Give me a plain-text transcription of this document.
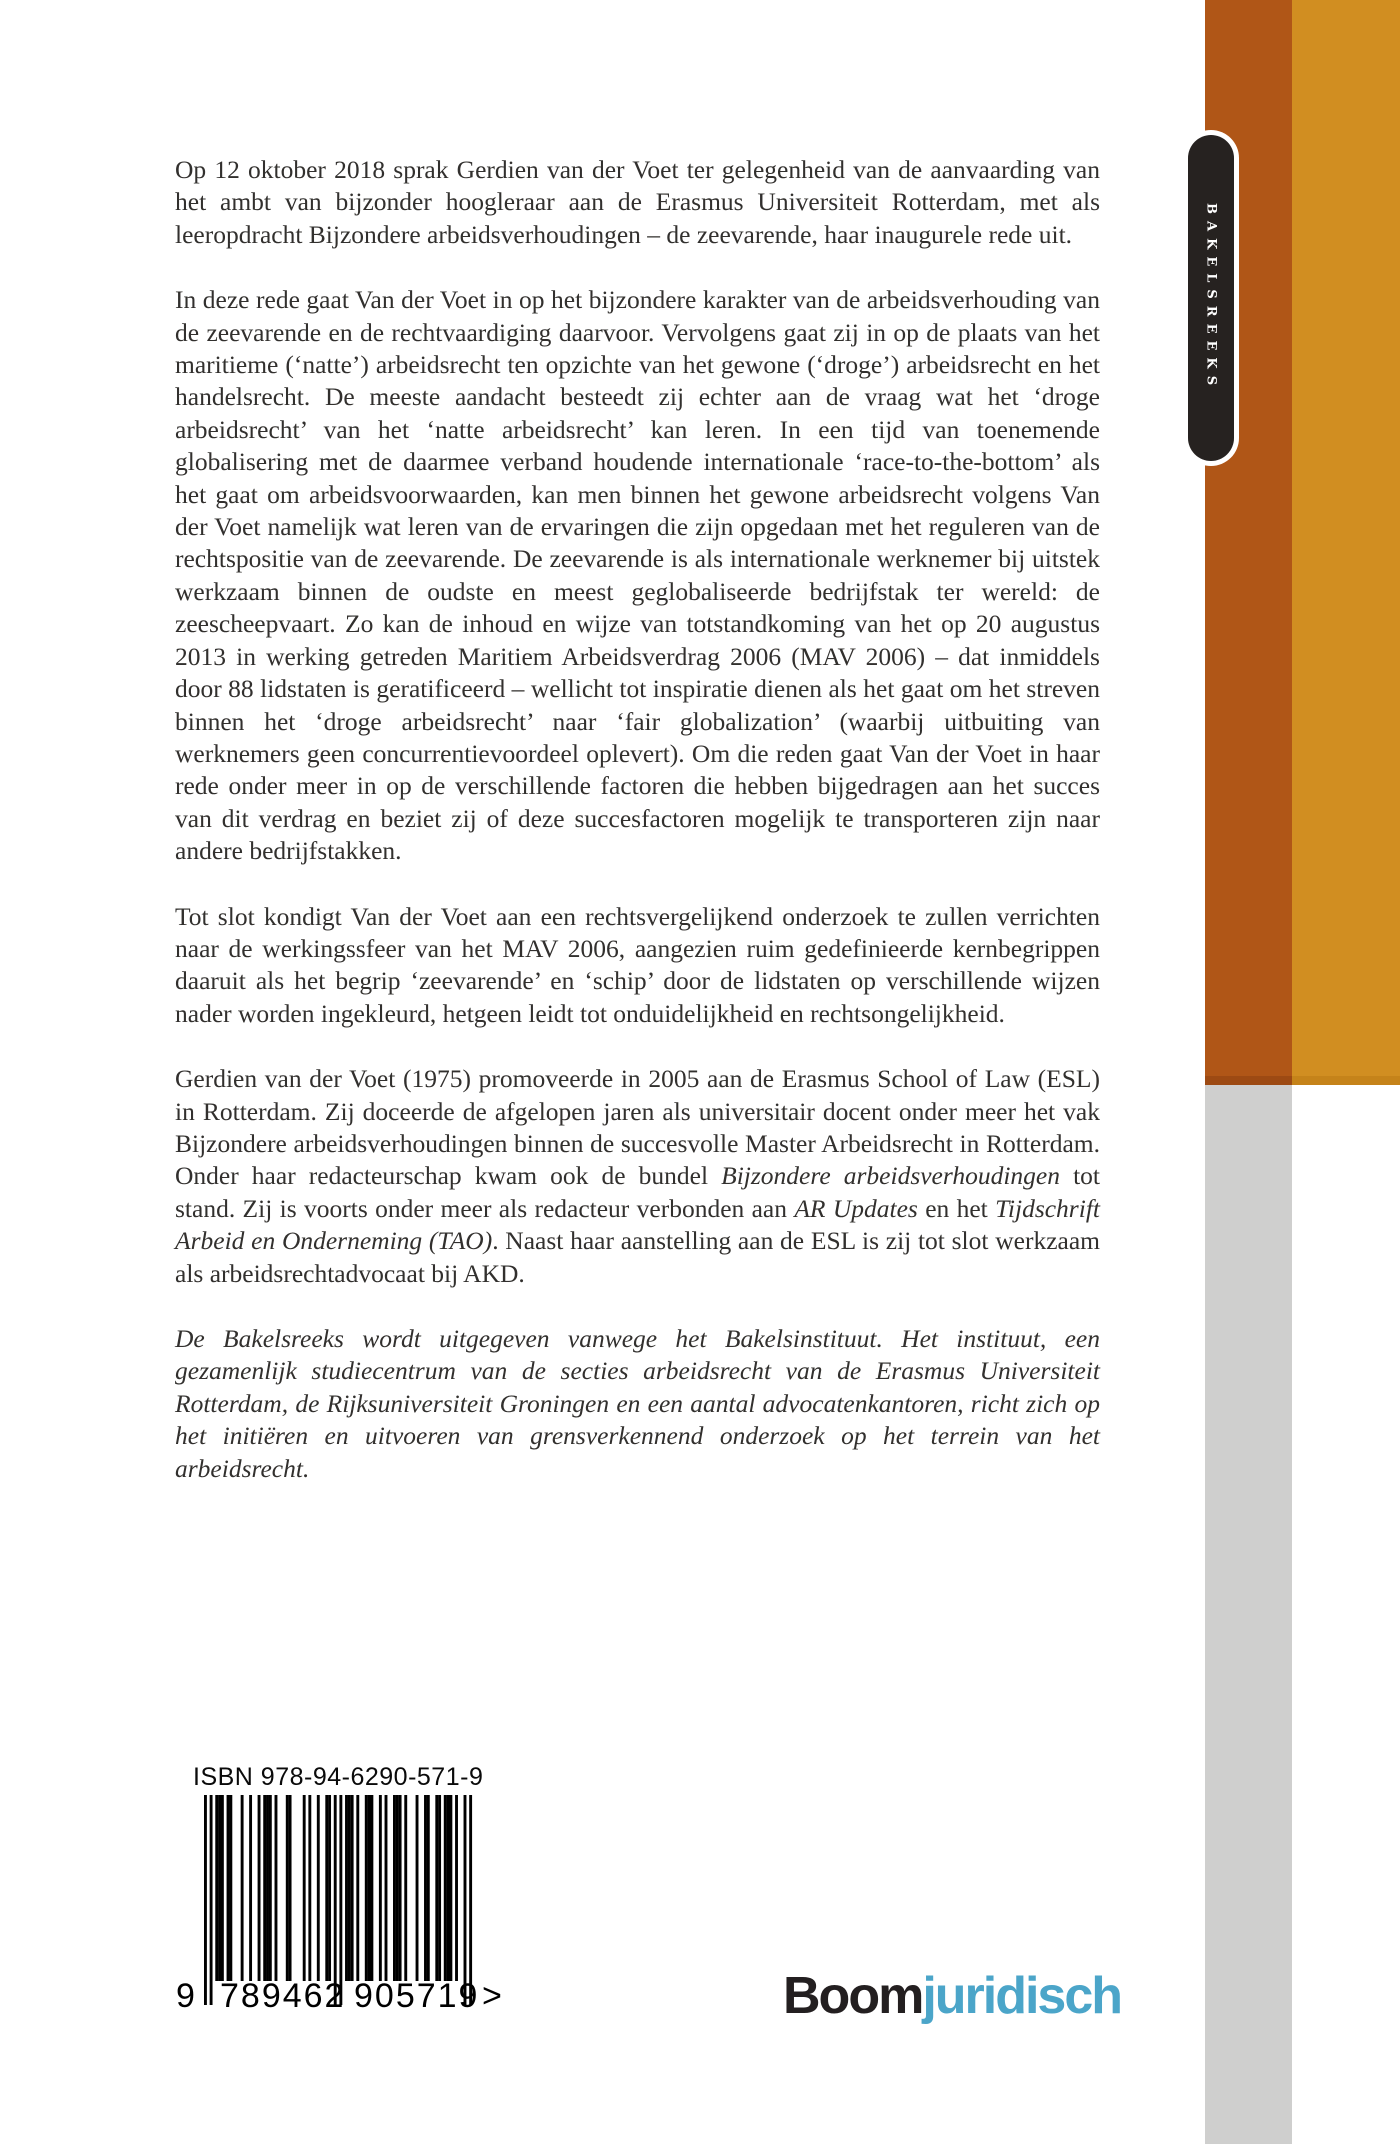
BAKELSREEKS

Op 12 oktober 2018 sprak Gerdien van der Voet ter gelegenheid van de aanvaarding van het ambt van bijzonder hoogleraar aan de Erasmus Universiteit Rotterdam, met als leeropdracht Bijzondere arbeidsverhoudingen – de zeevarende, haar inaugurele rede uit.

In deze rede gaat Van der Voet in op het bijzondere karakter van de arbeidsverhouding van de zeevarende en de rechtvaardiging daarvoor. Vervolgens gaat zij in op de plaats van het maritieme (‘natte’) arbeidsrecht ten opzichte van het gewone (‘droge’) arbeidsrecht en het handelsrecht. De meeste aandacht besteedt zij echter aan de vraag wat het ‘droge arbeidsrecht’ van het ‘natte arbeidsrecht’ kan leren. In een tijd van toenemende globalisering met de daarmee verband houdende internationale ‘race-to-the-bottom’ als het gaat om arbeidsvoorwaarden, kan men binnen het gewone arbeidsrecht volgens Van der Voet namelijk wat leren van de ervaringen die zijn opgedaan met het reguleren van de rechtspositie van de zeevarende. De zeevarende is als internationale werknemer bij uitstek werkzaam binnen de oudste en meest geglobaliseerde bedrijfstak ter wereld: de zeescheepvaart. Zo kan de inhoud en wijze van totstandkoming van het op 20 augustus 2013 in werking getreden Maritiem Arbeidsverdrag 2006 (MAV 2006) – dat inmiddels door 88 lidstaten is geratificeerd – wellicht tot inspiratie dienen als het gaat om het streven binnen het ‘droge arbeidsrecht’ naar ‘fair globalization’ (waarbij uitbuiting van werknemers geen concurrentievoordeel oplevert). Om die reden gaat Van der Voet in haar rede onder meer in op de verschillende factoren die hebben bijgedragen aan het succes van dit verdrag en beziet zij of deze succesfactoren mogelijk te transporteren zijn naar andere bedrijfstakken.

Tot slot kondigt Van der Voet aan een rechtsvergelijkend onderzoek te zullen verrichten naar de werkingssfeer van het MAV 2006, aangezien ruim gedefinieerde kernbegrippen daaruit als het begrip ‘zeevarende’ en ‘schip’ door de lidstaten op verschillende wijzen nader worden ingekleurd, hetgeen leidt tot onduidelijkheid en rechtsongelijkheid.

Gerdien van der Voet (1975) promoveerde in 2005 aan de Erasmus School of Law (ESL) in Rotterdam. Zij doceerde de afgelopen jaren als universitair docent onder meer het vak Bijzondere arbeidsverhoudingen binnen de succesvolle Master Arbeidsrecht in Rotterdam. Onder haar redacteurschap kwam ook de bundel Bijzondere arbeidsverhoudingen tot stand. Zij is voorts onder meer als redacteur verbonden aan AR Updates en het Tijdschrift Arbeid en Onderneming (TAO). Naast haar aanstelling aan de ESL is zij tot slot werkzaam als arbeidsrechtadvocaat bij AKD.

De Bakelsreeks wordt uitgegeven vanwege het Bakelsinstituut. Het instituut, een gezamenlijk studiecentrum van de secties arbeidsrecht van de Erasmus Universiteit Rotterdam, de Rijksuniversiteit Groningen en een aantal advocatenkantoren, richt zich op het initiëren en uitvoeren van grensverkennend onderzoek op het terrein van het arbeidsrecht.

ISBN 978-94-6290-571-9
9 789462 905719 >	Boomjuridisch
